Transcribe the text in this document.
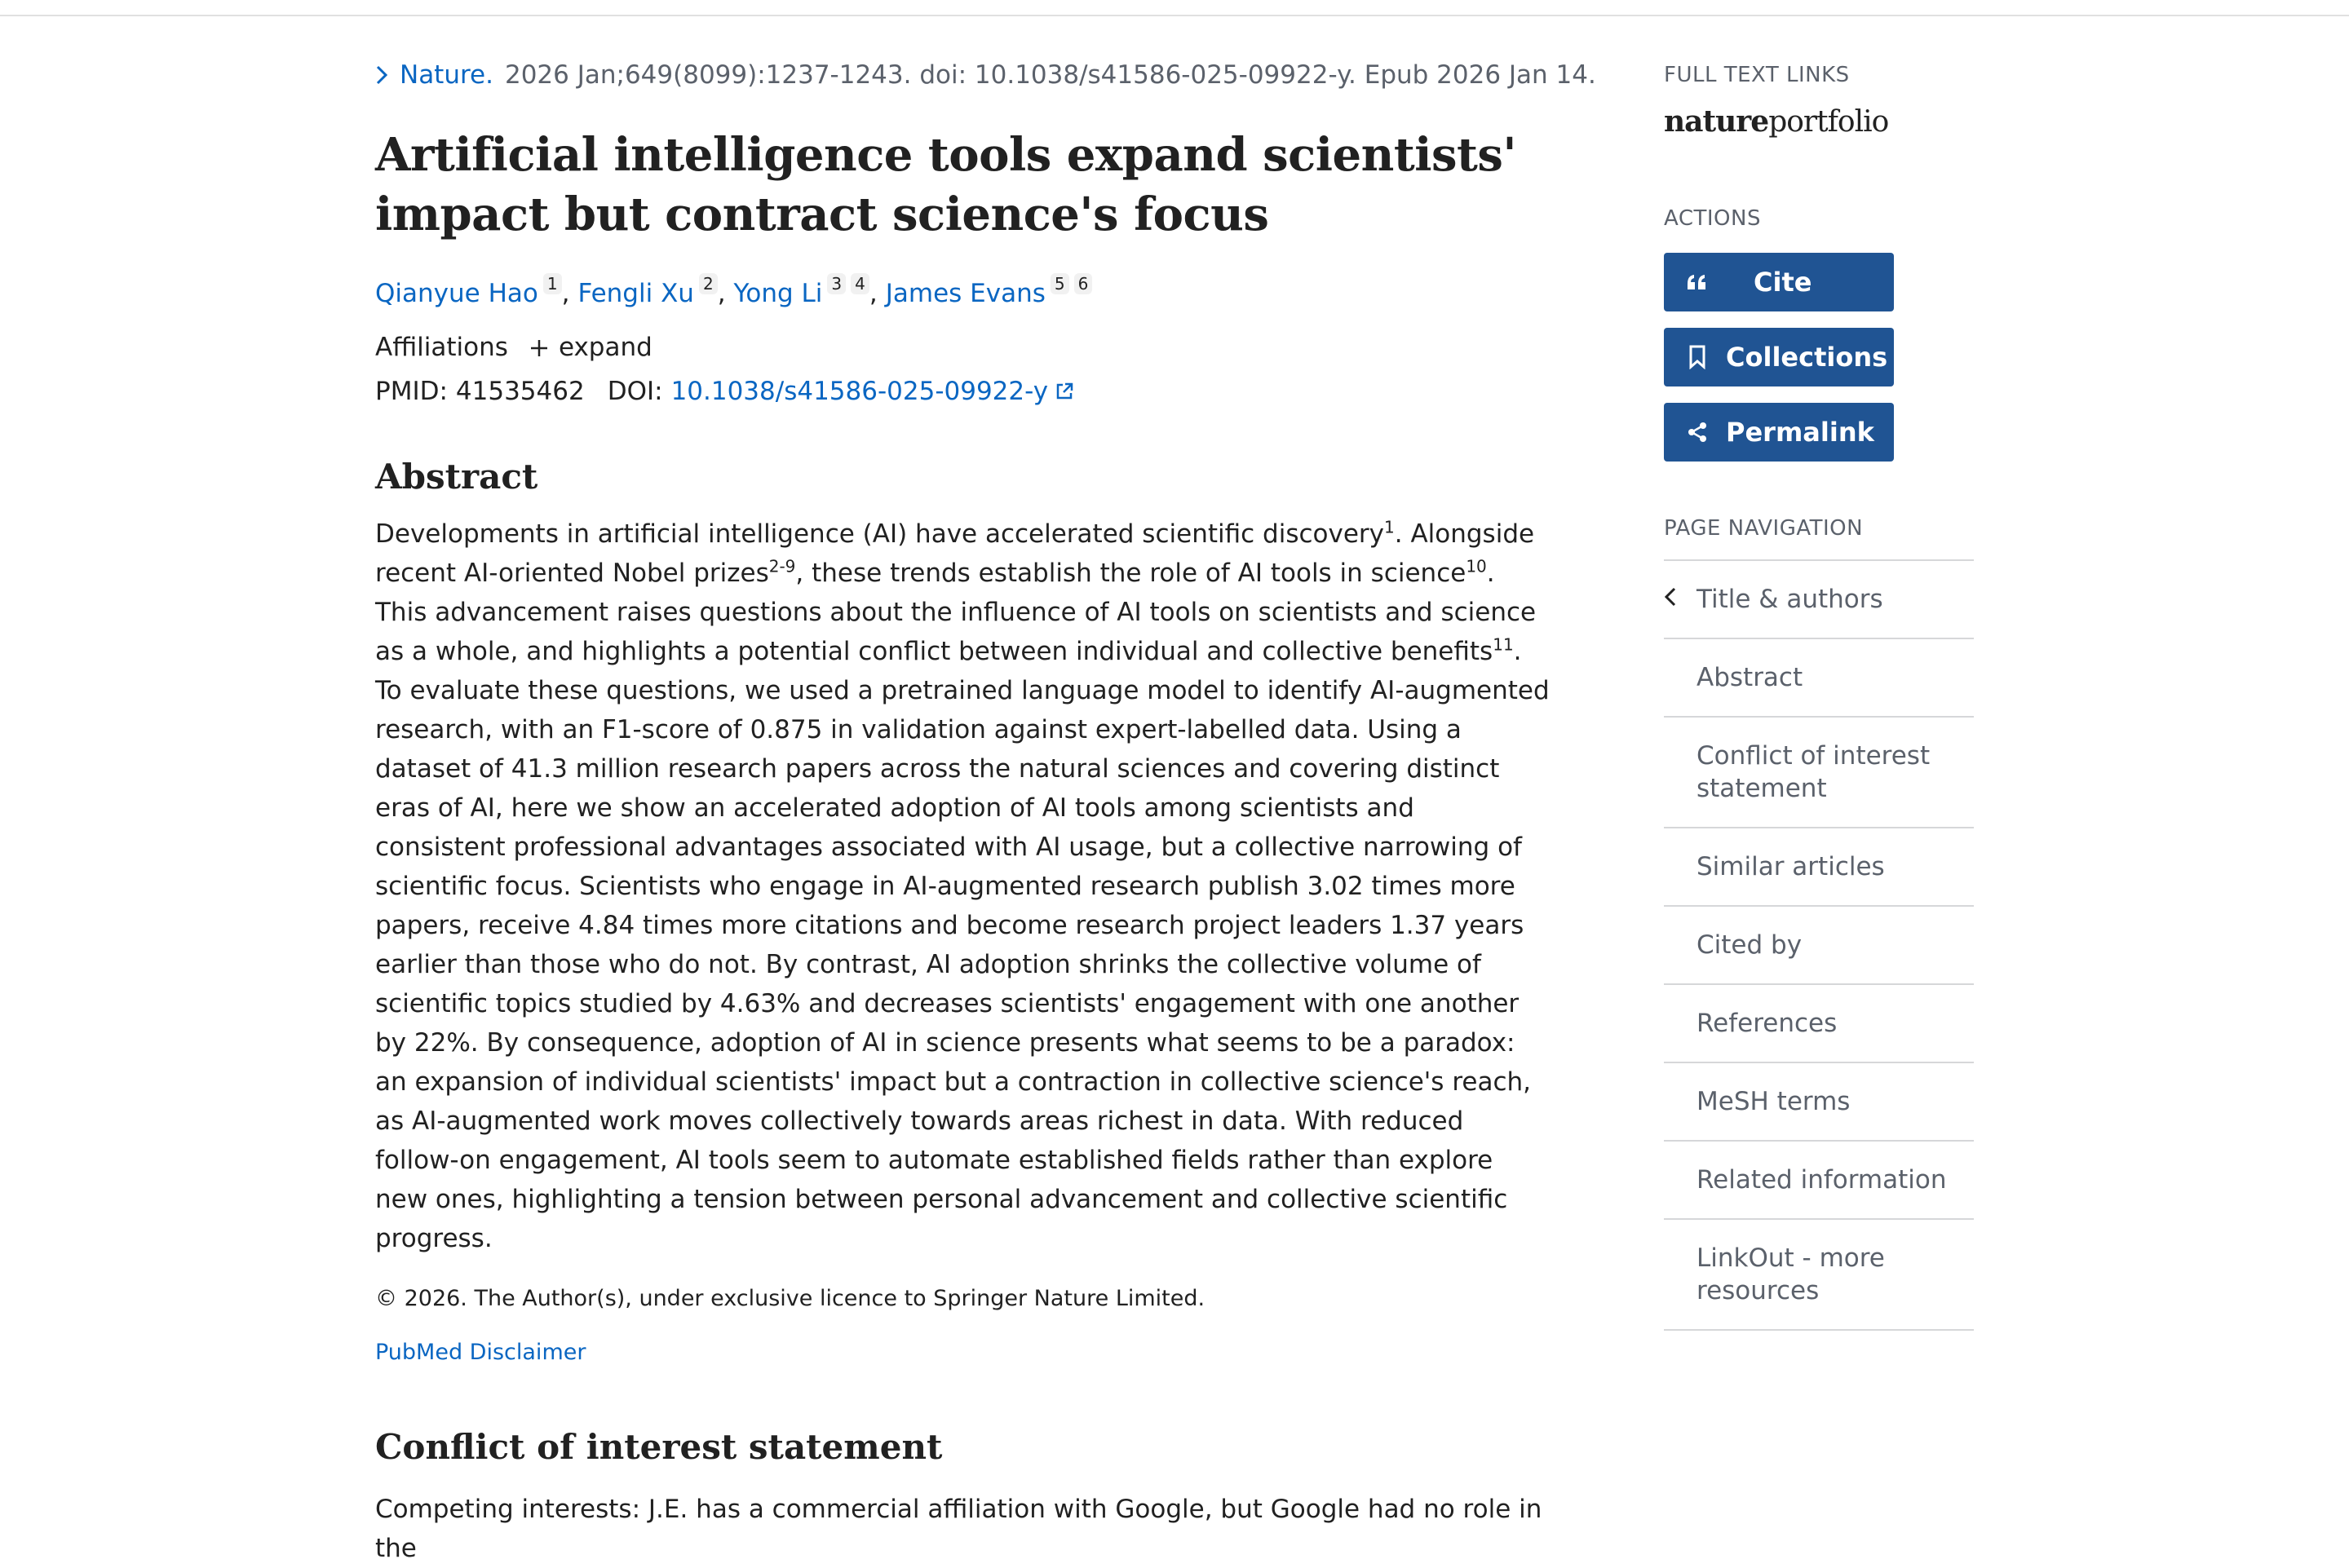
Nature. 2026 Jan;649(8099):1237-1243. doi: 10.1038/s41586-025-09922-y. Epub 2026 Jan 14.
Artificial intelligence tools expand scientists' impact but contract science's focus
Qianyue Hao 1 , Fengli Xu 2 , Yong Li 3 4 , James Evans 5 6
Affiliations expand
PMID: 41535462 DOI: 10.1038/s41586-025-09922-y
Abstract
Developments in artificial intelligence (AI) have accelerated scientific discovery$^1$. Alongside recent AI-oriented Nobel prizes$^{2-9}$, these trends establish the role of AI tools in science$^{10}$. This advancement raises questions about the influence of AI tools on scientists and science as a whole, and highlights a potential conflict between individual and collective benefits$^{11}$. To evaluate these questions, we used a pretrained language model to identify AI-augmented research, with an F1-score of 0.875 in validation against expert-labelled data. Using a dataset of 41.3 million research papers across the natural sciences and covering distinct eras of AI, here we show an accelerated adoption of AI tools among scientists and consistent professional advantages associated with AI usage, but a collective narrowing of scientific focus. Scientists who engage in AI-augmented research publish 3.02 times more papers, receive 4.84 times more citations and become research project leaders 1.37 years earlier than those who do not. By contrast, AI adoption shrinks the collective volume of scientific topics studied by 4.63% and decreases scientists' engagement with one another by 22%. By consequence, adoption of AI in science presents what seems to be a paradox: an expansion of individual scientists' impact but a contraction in collective science's reach, as AI-augmented work moves collectively towards areas richest in data. With reduced follow-on engagement, AI tools seem to automate established fields rather than explore new ones, highlighting a tension between personal advancement and collective scientific progress.
© 2026. The Author(s), under exclusive licence to Springer Nature Limited.
PubMed Disclaimer
Conflict of interest statement
Competing interests: J.E. has a commercial affiliation with Google, but Google had no role in the
FULL TEXT LINKS
nature portfolio
ACTIONS
Cite
Collections
Permalink
PAGE NAVIGATION
Title & authors
Abstract
Conflict of interest statement
Similar articles
Cited by
References
MeSH terms
Related information
LinkOut - more resources
